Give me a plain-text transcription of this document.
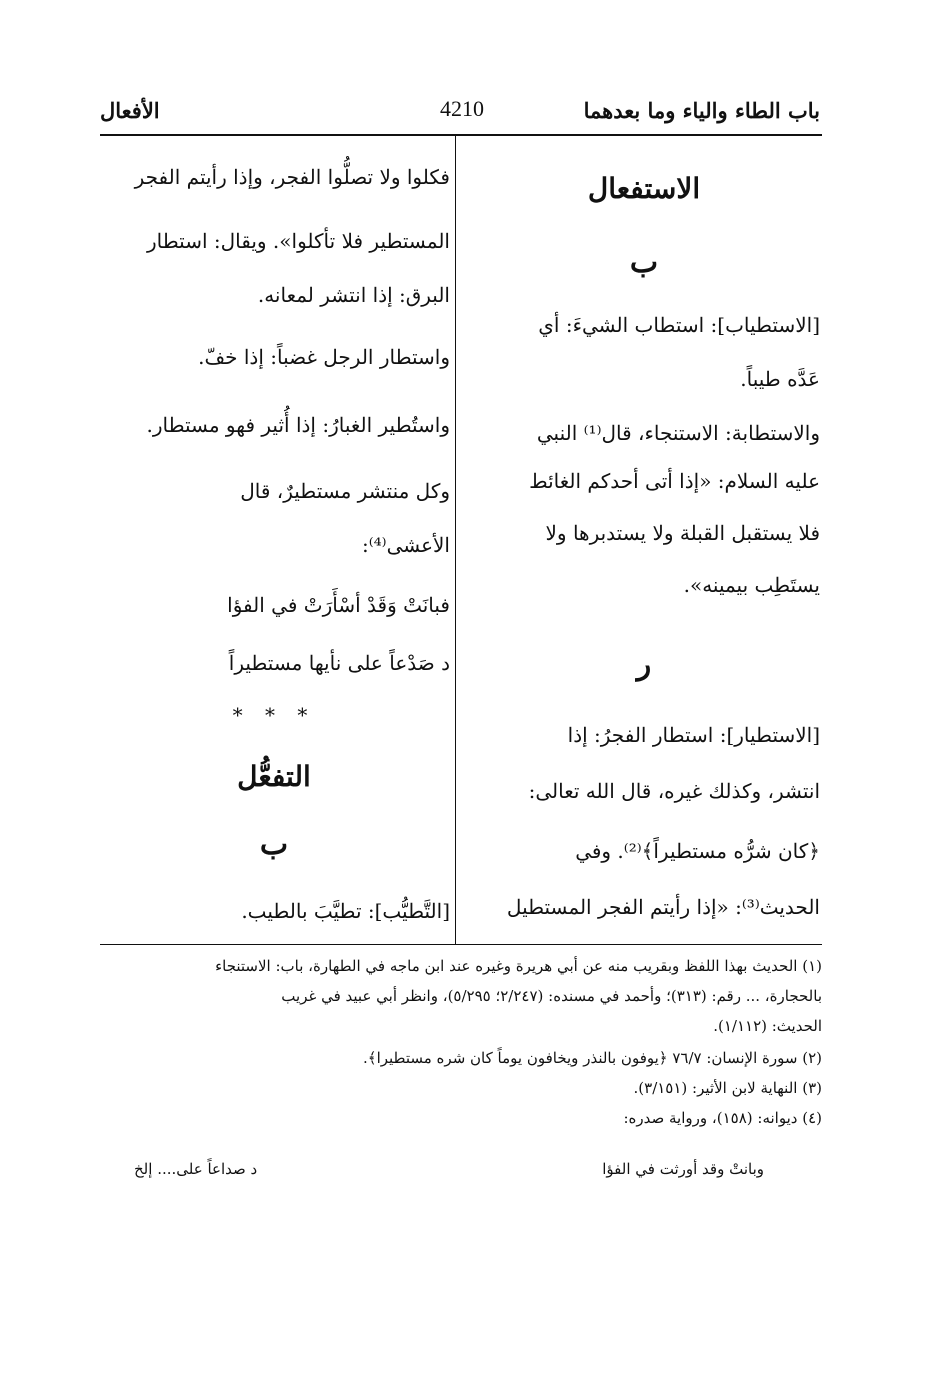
باب الطاء والياء وما بعدهما
4210
الأفعال
الاستفعال
ب
[الاستطياب]: استطاب الشيءَ: أي
عَدَّه طيباً.
والاستطابة: الاستنجاء، قال⁽¹⁾ النبي
عليه السلام: «إذا أتى أحدكم الغائط
فلا يستقبل القبلة ولا يستدبرها ولا
يستَطِب بيمينه».
ر
[الاستطيار]: استطار الفجرُ: إذا
انتشر، وكذلك غيره، قال الله تعالى:
﴿كان شرُّه مستطيراً﴾⁽²⁾. وفي
الحديث⁽³⁾: «إذا رأيتم الفجر المستطيل
فكلوا ولا تصلُّوا الفجر، وإذا رأيتم الفجر
المستطير فلا تأكلوا». ويقال: استطار
البرق: إذا انتشر لمعانه.
واستطار الرجل غضباً: إذا خفّ.
واستُطير الغبارُ: إذا أُثير فهو مستطار.
وكل منتشر مستطيرٌ، قال
الأعشى⁽⁴⁾:
فبانَتْ وَقَدْ أسْأَرَتْ في الفؤا
د صَدْعاً على نأيها مستطيراً
* * *
التفعُّل
ب
[التَّطيُّب]: تطيَّبَ بالطيب.
(١) الحديث بهذا اللفظ وبقريب منه عن أبي هريرة وغيره عند ابن ماجه في الطهارة، باب: الاستنجاء
بالحجارة، ... رقم: (٣١٣)؛ وأحمد في مسنده: (٢/٢٤٧؛ ٥/٢٩٥)، وانظر أبي عبيد في غريب
الحديث: (١/١١٢).
(٢) سورة الإنسان: ٧٦/٧ ﴿يوفون بالنذر ويخافون يوماً كان شره مستطيرا﴾.
(٣) النهاية لابن الأثير: (٣/١٥١).
(٤) ديوانه: (١٥٨)، ورواية صدره:
وبانتْ وقد أورثت في الفؤا
د صداعاً على.... إلخ
